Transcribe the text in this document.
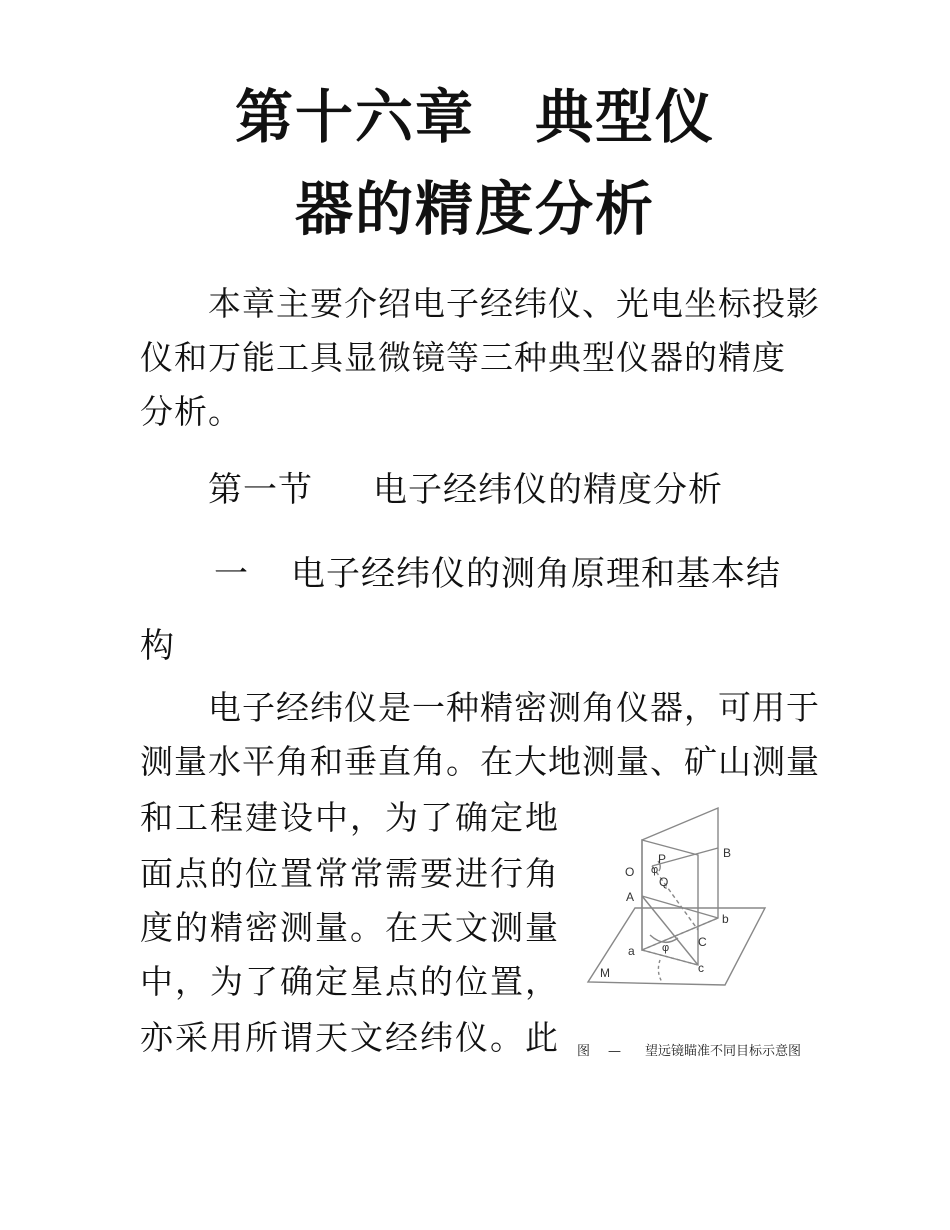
第十六章　典型仪
器的精度分析
本章主要介绍电子经纬仪、光电坐标投影
仪和万能工具显微镜等三种典型仪器的精度
分析。
第一节 电子经纬仪的精度分析
一 电子经纬仪的测角原理和基本结
构
电子经纬仪是一种精密测角仪器，可用于
测量水平角和垂直角。在大地测量、矿山测量
和工程建设中，为了确定地
面点的位置常常需要进行角
度的精密测量。在天文测量
中，为了确定星点的位置，
亦采用所谓天文经纬仪。此
B
P
O φ
Q
A
b
C
a φ
M	c
图 — 望远镜瞄准不同目标示意图
